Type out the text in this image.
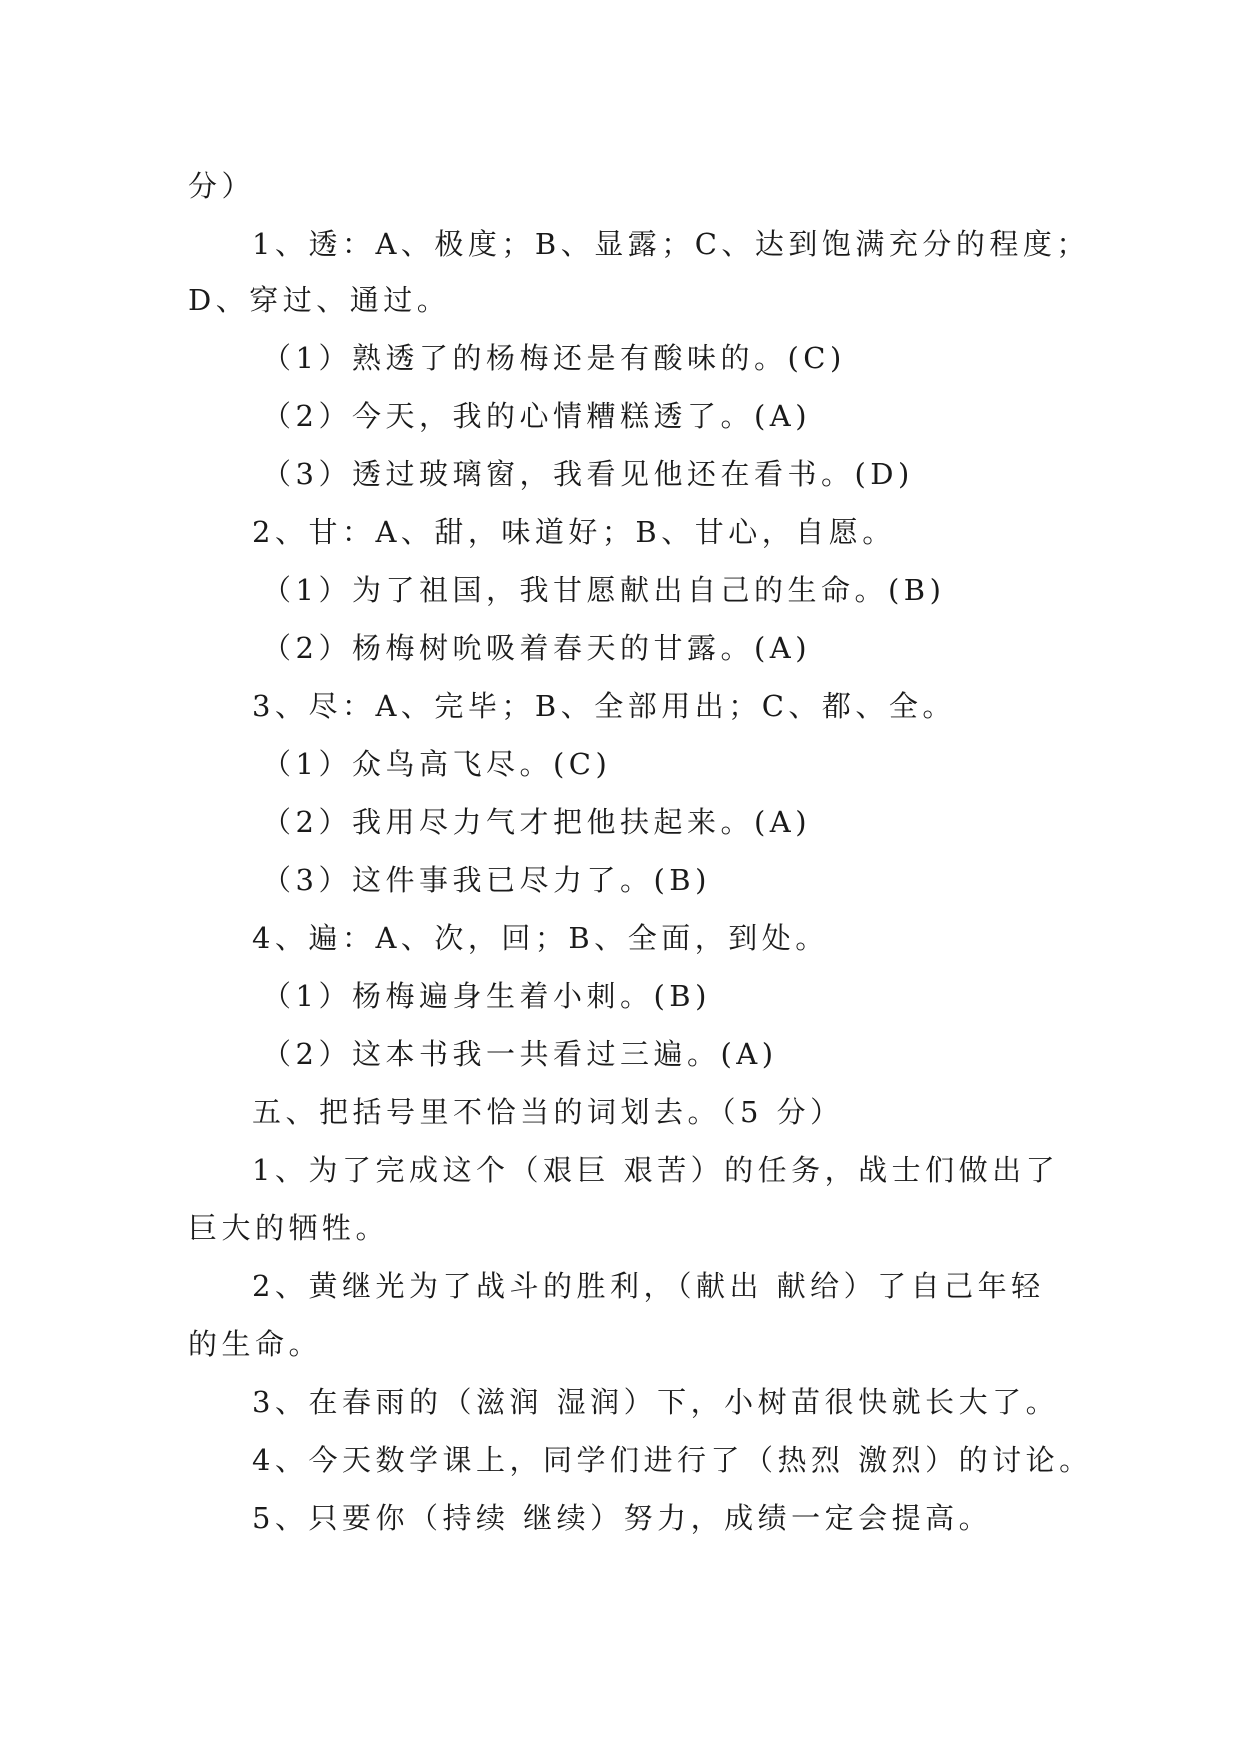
分）
1、透：A、极度；B、显露；C、达到饱满充分的程度；
D、穿过、通过。
（1）熟透了的杨梅还是有酸味的。(C)
（2）今天，我的心情糟糕透了。(A)
（3）透过玻璃窗，我看见他还在看书。(D)
2、甘：A、甜，味道好；B、甘心，自愿。
（1）为了祖国，我甘愿献出自己的生命。(B)
（2）杨梅树吮吸着春天的甘露。(A)
3、尽：A、完毕；B、全部用出；C、都、全。
（1）众鸟高飞尽。(C)
（2）我用尽力气才把他扶起来。(A)
（3）这件事我已尽力了。(B)
4、遍：A、次，回；B、全面，到处。
（1）杨梅遍身生着小刺。(B)
（2）这本书我一共看过三遍。(A)
五、把括号里不恰当的词划去。（5 分）
1、为了完成这个（艰巨 艰苦）的任务，战士们做出了
巨大的牺牲。
2、黄继光为了战斗的胜利，（献出 献给）了自己年轻
的生命。
3、在春雨的（滋润 湿润）下，小树苗很快就长大了。
4、今天数学课上，同学们进行了（热烈 激烈）的讨论。
5、只要你（持续 继续）努力，成绩一定会提高。
